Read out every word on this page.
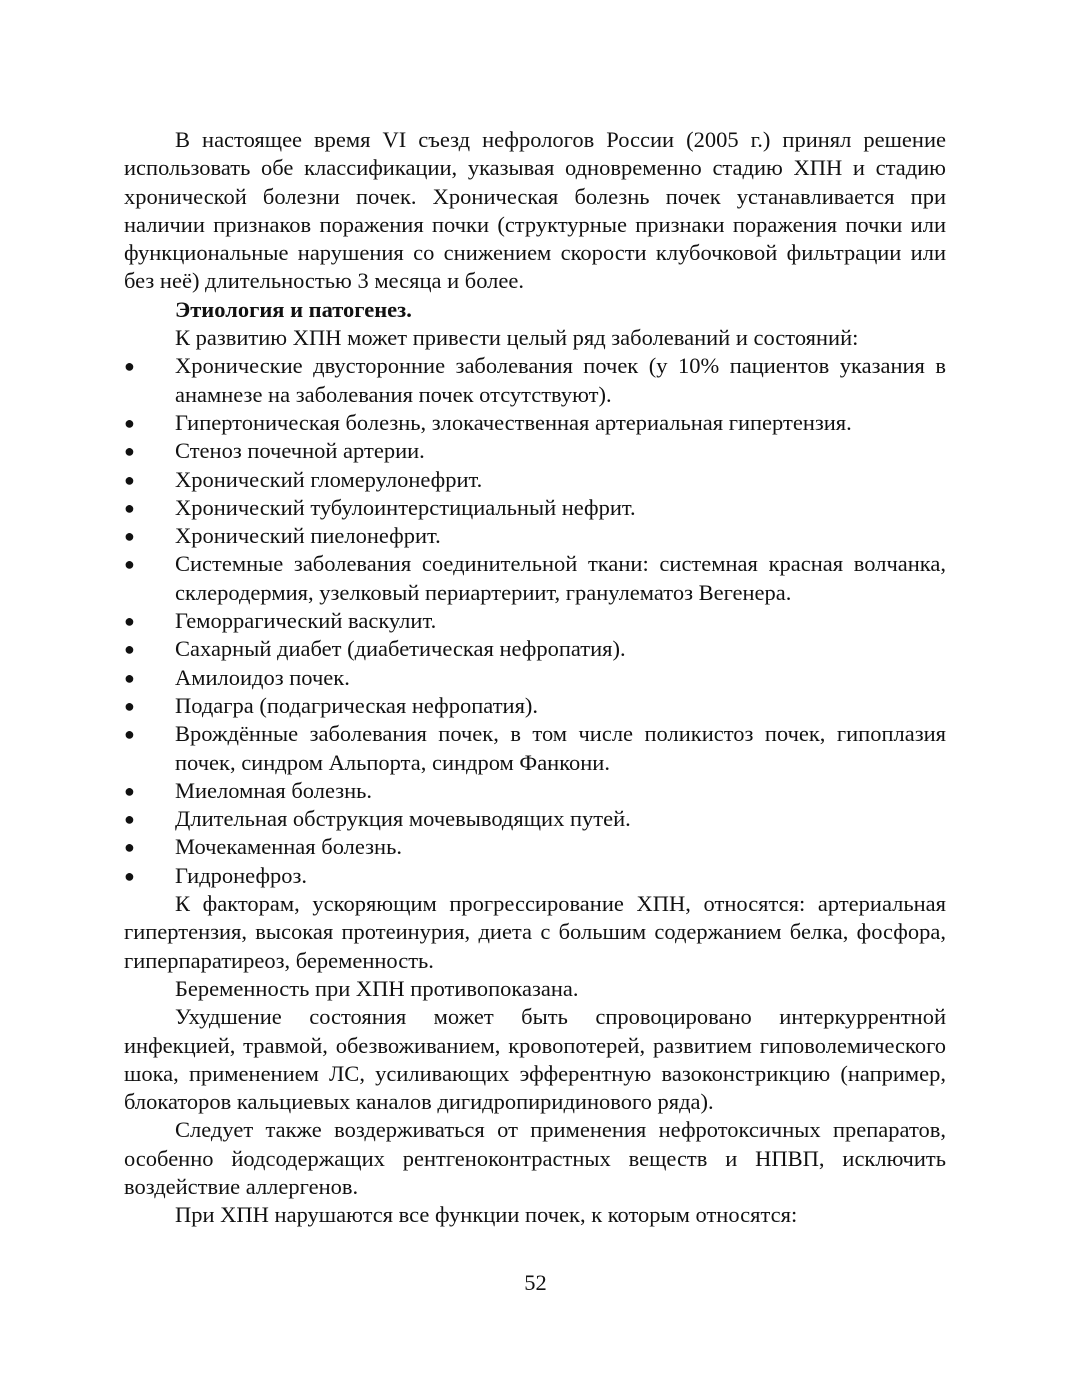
В настоящее время VI съезд нефрологов России (2005 г.) принял решение использовать обе классификации, указывая одновременно стадию ХПН и стадию хронической болезни почек. Хроническая болезнь почек устанавливается при наличии признаков поражения почки (структурные признаки поражения почки или функциональные нарушения со снижением скорости клубочковой фильтрации или без неё) длительностью 3 месяца и более.

Этиология и патогенез.

К развитию ХПН может привести целый ряд заболеваний и состояний:

●	Хронические двусторонние заболевания почек (у 10% пациентов указания в анамнезе на заболевания почек отсутствуют).
●	Гипертоническая болезнь, злокачественная артериальная гипертензия.
●	Стеноз почечной артерии.
●	Хронический гломерулонефрит.
●	Хронический тубулоинтерстициальный нефрит.
●	Хронический пиелонефрит.
●	Системные заболевания соединительной ткани: системная красная волчанка, склеродермия, узелковый периартериит, гранулематоз Вегенера.
●	Геморрагический васкулит.
●	Сахарный диабет (диабетическая нефропатия).
●	Амилоидоз почек.
●	Подагра (подагрическая нефропатия).
●	Врождённые заболевания почек, в том числе поликистоз почек, гипоплазия почек, синдром Альпорта, синдром Фанкони.
●	Миеломная болезнь.
●	Длительная обструкция мочевыводящих путей.
●	Мочекаменная болезнь.
●	Гидронефроз.

К факторам, ускоряющим прогрессирование ХПН, относятся: артериальная гипертензия, высокая протеинурия, диета с большим содержанием белка, фосфора, гиперпаратиреоз, беременность.

Беременность при ХПН противопоказана.

Ухудшение состояния может быть спровоцировано интеркуррентной инфекцией, травмой, обезвоживанием, кровопотерей, развитием гиповолемического шока, применением ЛС, усиливающих эфферентную вазоконстрикцию (например, блокаторов кальциевых каналов дигидропиридинового ряда).

Следует также воздерживаться от применения нефротоксичных препаратов, особенно йодсодержащих рентгеноконтрастных веществ и НПВП, исключить воздействие аллергенов.

При ХПН нарушаются все функции почек, к которым относятся:

52
